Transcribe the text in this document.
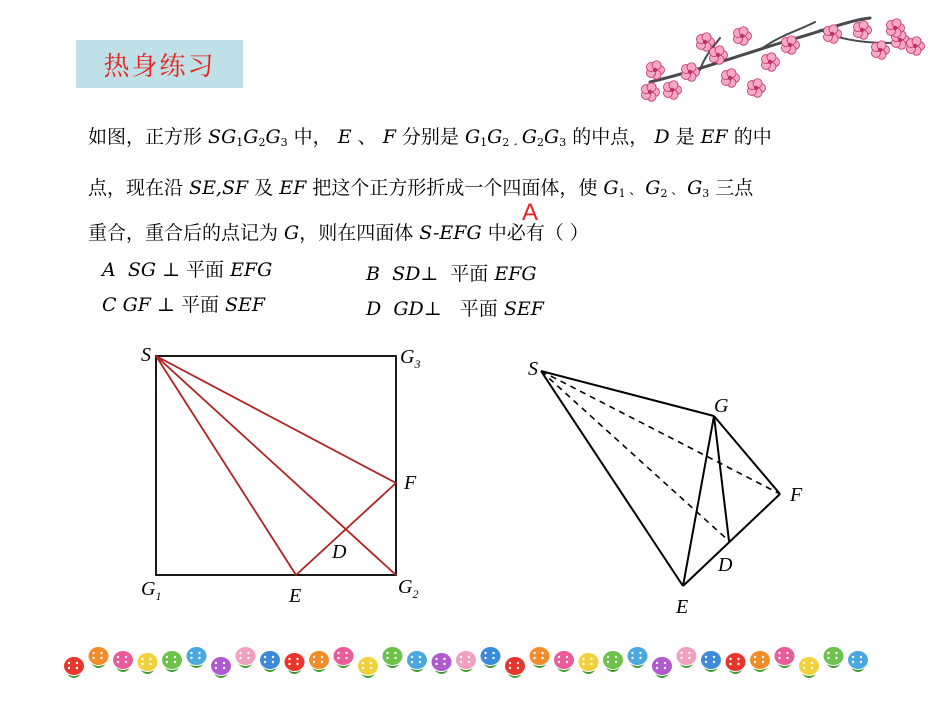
热身练习
如图，正方形 $SG_1G_2G_3$ 中， E 、 F 分别是 $G_1G_2$ ¸ $G_2G_3$ 的中点， D 是 EF 的中
点，现在沿 SE,SF 及 EF 把这个正方形折成一个四面体，使 $G_1$ 、 $G_2$ 、 $G_3$ 三点
重合，重合后的点记为 G，则在四面体 S-EFG 中必有（ ）
A
A SG ⊥ 平面 EFG	B SD⊥ 平面 EFG
C GF ⊥ 平面 SEF	D GD⊥ 平面 SEF
S	$G_3$
F
D
$G_1$	E	$G_2$
S
G
F
D
E
